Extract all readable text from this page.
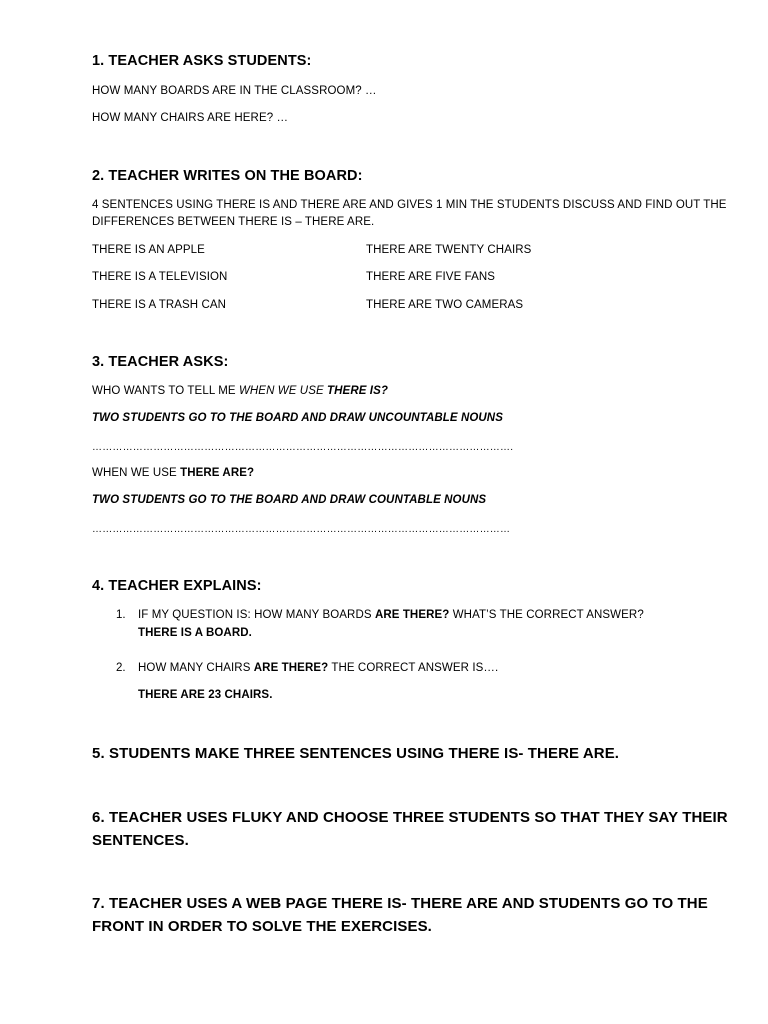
1. TEACHER ASKS STUDENTS:
HOW MANY BOARDS ARE IN THE CLASSROOM? …
HOW MANY CHAIRS ARE HERE? …
2. TEACHER WRITES ON THE BOARD:
4 SENTENCES USING THERE IS AND THERE ARE AND GIVES 1 MIN THE STUDENTS DISCUSS AND FIND OUT THE DIFFERENCES BETWEEN THERE IS – THERE ARE.
THERE IS AN APPLE
THERE IS A TELEVISION
THERE IS A TRASH CAN
THERE ARE TWENTY CHAIRS
THERE ARE FIVE FANS
THERE ARE TWO CAMERAS
3. TEACHER ASKS:
WHO WANTS TO TELL ME WHEN WE USE THERE IS?
TWO STUDENTS GO TO THE BOARD AND DRAW UNCOUNTABLE NOUNS
…………………………………………………………………………………………………………….
WHEN WE USE THERE ARE?
TWO STUDENTS GO TO THE BOARD AND DRAW COUNTABLE NOUNS
……………………………………………………………………………………………………………
4. TEACHER EXPLAINS:
1. IF MY QUESTION IS: HOW MANY BOARDS ARE THERE? WHAT’S THE CORRECT ANSWER?
THERE IS A BOARD.
2. HOW MANY CHAIRS ARE THERE? THE CORRECT ANSWER IS….
THERE ARE 23 CHAIRS.
5. STUDENTS MAKE THREE SENTENCES USING THERE IS- THERE ARE.
6. TEACHER USES FLUKY AND CHOOSE THREE STUDENTS SO THAT THEY SAY THEIR SENTENCES.
7. TEACHER USES A WEB PAGE THERE IS- THERE ARE AND STUDENTS GO TO THE FRONT IN ORDER TO SOLVE THE EXERCISES.
